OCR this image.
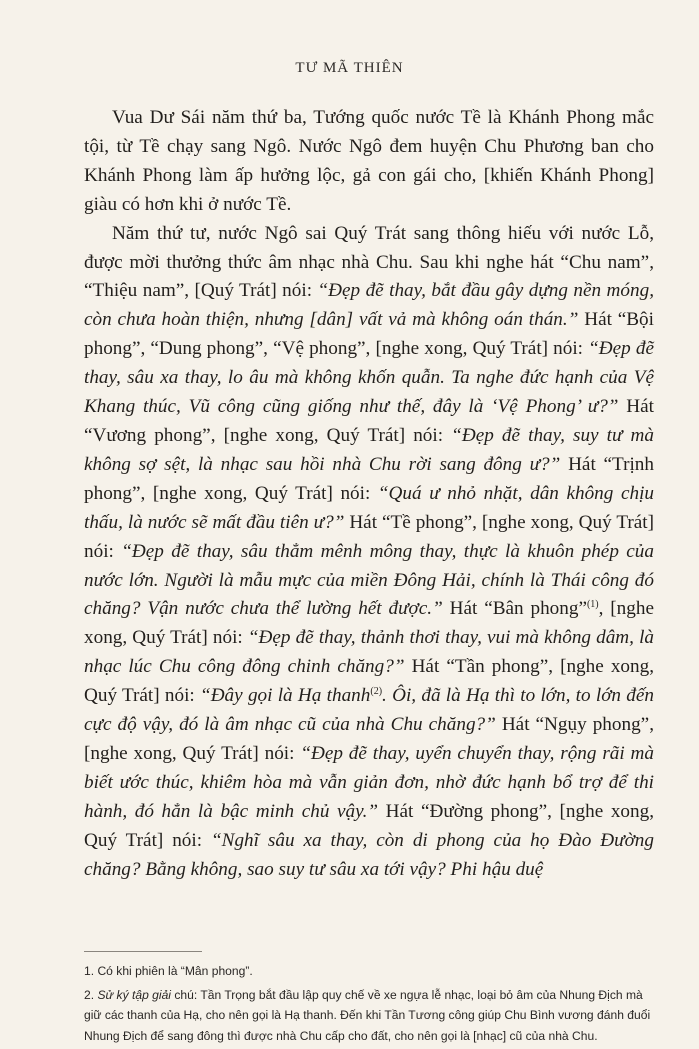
TƯ MÃ THIÊN

Vua Dư Sái năm thứ ba, Tướng quốc nước Tề là Khánh Phong mắc tội, từ Tề chạy sang Ngô. Nước Ngô đem huyện Chu Phương ban cho Khánh Phong làm ấp hưởng lộc, gả con gái cho, [khiến Khánh Phong] giàu có hơn khi ở nước Tề.

Năm thứ tư, nước Ngô sai Quý Trát sang thông hiếu với nước Lỗ, được mời thưởng thức âm nhạc nhà Chu. Sau khi nghe hát “Chu nam”, “Thiệu nam”, [Quý Trát] nói: “Đẹp đẽ thay, bắt đầu gây dựng nền móng, còn chưa hoàn thiện, nhưng [dân] vất vả mà không oán thán.” Hát “Bội phong”, “Dung phong”, “Vệ phong”, [nghe xong, Quý Trát] nói: “Đẹp đẽ thay, sâu xa thay, lo âu mà không khốn quẫn. Ta nghe đức hạnh của Vệ Khang thúc, Vũ công cũng giống như thế, đây là ‘Vệ Phong’ ư?” Hát “Vương phong”, [nghe xong, Quý Trát] nói: “Đẹp đẽ thay, suy tư mà không sợ sệt, là nhạc sau hồi nhà Chu rời sang đông ư?” Hát “Trịnh phong”, [nghe xong, Quý Trát] nói: “Quá ư nhỏ nhặt, dân không chịu thấu, là nước sẽ mất đầu tiên ư?” Hát “Tề phong”, [nghe xong, Quý Trát] nói: “Đẹp đẽ thay, sâu thẳm mênh mông thay, thực là khuôn phép của nước lớn. Người là mẫu mực của miền Đông Hải, chính là Thái công đó chăng? Vận nước chưa thể lường hết được.” Hát “Bân phong”$^{(1)}$, [nghe xong, Quý Trát] nói: “Đẹp đẽ thay, thảnh thơi thay, vui mà không dâm, là nhạc lúc Chu công đông chinh chăng?” Hát “Tần phong”, [nghe xong, Quý Trát] nói: “Đây gọi là Hạ thanh$^{(2)}$. Ôi, đã là Hạ thì to lớn, to lớn đến cực độ vậy, đó là âm nhạc cũ của nhà Chu chăng?” Hát “Ngụy phong”, [nghe xong, Quý Trát] nói: “Đẹp đẽ thay, uyển chuyển thay, rộng rãi mà biết ước thúc, khiêm hòa mà vẫn giản đơn, nhờ đức hạnh bổ trợ để thi hành, đó hẳn là bậc minh chủ vậy.” Hát “Đường phong”, [nghe xong, Quý Trát] nói: “Nghĩ sâu xa thay, còn di phong của họ Đào Đường chăng? Bằng không, sao suy tư sâu xa tới vậy? Phi hậu duệ

1. Có khi phiên là “Mân phong”.

2. Sử ký tập giải chú: Tần Trọng bắt đầu lập quy chế về xe ngựa lễ nhạc, loại bỏ âm của Nhung Địch mà giữ các thanh của Hạ, cho nên gọi là Hạ thanh. Đến khi Tần Tương công giúp Chu Bình vương đánh đuổi Nhung Địch để sang đông thì được nhà Chu cấp cho đất, cho nên gọi là [nhạc] cũ của nhà Chu.
